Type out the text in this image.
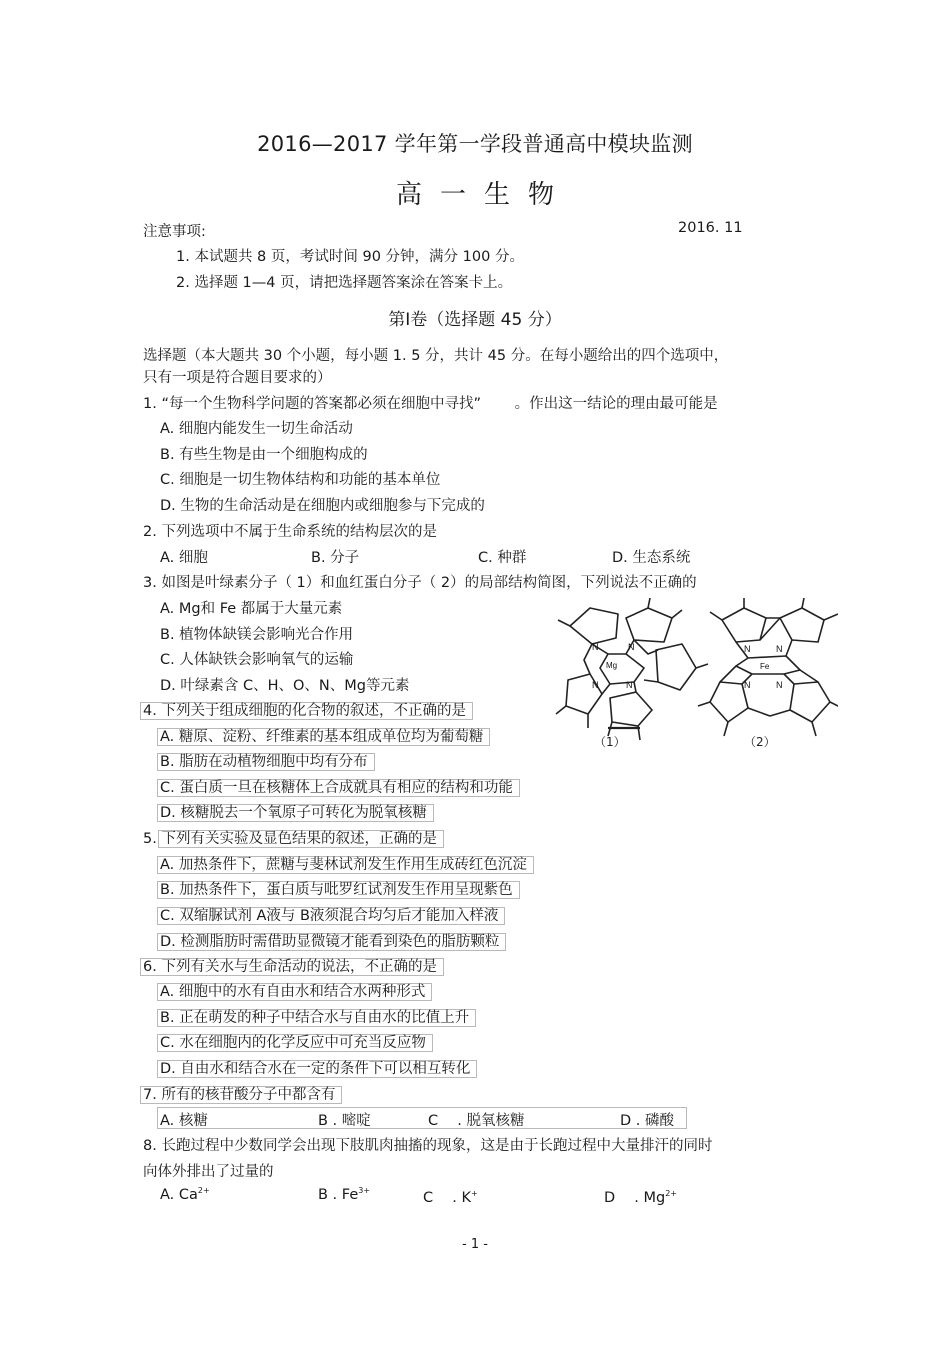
2016—2017 学年第一学段普通高中模块监测
高一生物
注意事项:	2016. 11
1. 本试题共 8 页，考试时间 90 分钟，满分 100 分。
2. 选择题 1—4 页，请把选择题答案涂在答案卡上。
第Ⅰ卷（选择题 45 分）
选择题（本大题共 30 个小题，每小题 1. 5 分，共计 45 分。在每小题给出的四个选项中，
只有一项是符合题目要求的）
1. “每一个生物科学问题的答案都必须在细胞中寻找”　　 。作出这一结论的理由最可能是
A. 细胞内能发生一切生命活动
B. 有些生物是由一个细胞构成的
C. 细胞是一切生物体结构和功能的基本单位
D. 生物的生命活动是在细胞内或细胞参与下完成的
2. 下列选项中不属于生命系统的结构层次的是
A. 细胞	B. 分子	C. 种群	D. 生态系统
3. 如图是叶绿素分子（ 1）和血红蛋白分子（ 2）的局部结构简图，下列说法不正确的
A. Mg和 Fe 都属于大量元素
B. 植物体缺镁会影响光合作用
C. 人体缺铁会影响氧气的运输
D. 叶绿素含 C、H、O、N、Mg等元素
N	N
N	N
Mg
N	N
N	N
Fe
（1）	（2）
4. 下列关于组成细胞的化合物的叙述，不正确的是
A. 糖原、淀粉、纤维素的基本组成单位均为葡萄糖
B. 脂肪在动植物细胞中均有分布
C. 蛋白质一旦在核糖体上合成就具有相应的结构和功能
D. 核糖脱去一个氧原子可转化为脱氧核糖
5. 下列有关实验及显色结果的叙述，正确的是
A. 加热条件下，蔗糖与斐林试剂发生作用生成砖红色沉淀
B. 加热条件下，蛋白质与吡罗红试剂发生作用呈现紫色
C. 双缩脲试剂 A液与 B液须混合均匀后才能加入样液
D. 检测脂肪时需借助显微镜才能看到染色的脂肪颗粒
6. 下列有关水与生命活动的说法，不正确的是
A. 细胞中的水有自由水和结合水两种形式
B. 正在萌发的种子中结合水与自由水的比值上升
C. 水在细胞内的化学反应中可充当反应物
D. 自由水和结合水在一定的条件下可以相互转化
7. 所有的核苷酸分子中都含有
A. 核糖	B . 嘧啶	C 　. 脱氧核糖	D . 磷酸
8. 长跑过程中少数同学会出现下肢肌肉抽搐的现象，这是由于长跑过程中大量排汗的同时
向体外排出了过量的
A. $Ca^{2+}$	B . $Fe^{3+}$	C 　. K+	D 　. $Mg^{2+}$
- 1 -
